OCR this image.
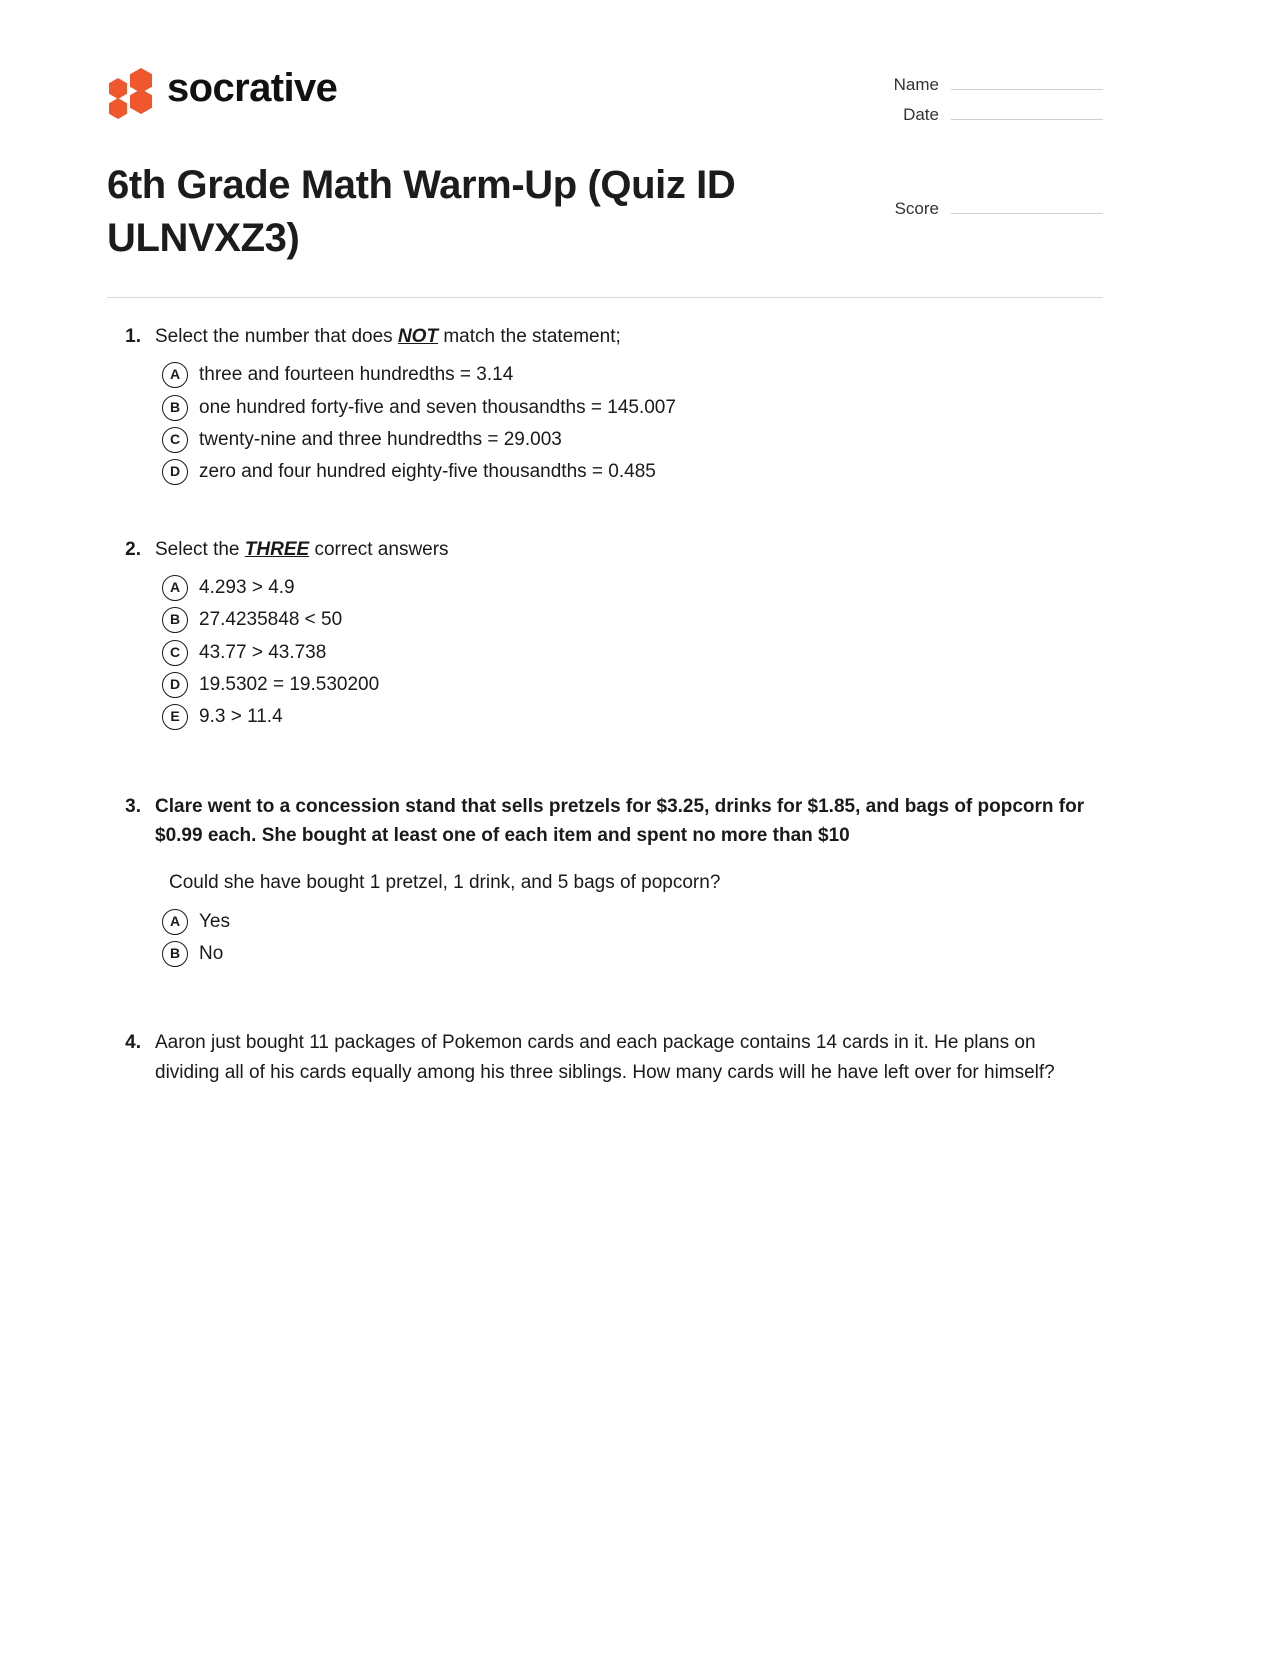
socrative
6th Grade Math Warm-Up (Quiz ID ULNVXZ3)
Name
Date
Score
1. Select the number that does NOT match the statement;
A three and fourteen hundredths = 3.14
B one hundred forty-five and seven thousandths = 145.007
C twenty-nine and three hundredths = 29.003
D zero and four hundred eighty-five thousandths = 0.485
2. Select the THREE correct answers
A 4.293 > 4.9
B 27.4235848 < 50
C 43.77 > 43.738
D 19.5302 = 19.530200
E	9.3 > 11.4
3. Clare went to a concession stand that sells pretzels for $3.25, drinks for $1.85, and bags of popcorn for $0.99 each. She bought at least one of each item and spent no more than $10
Could she have bought 1 pretzel, 1 drink, and 5 bags of popcorn?
A Yes
B No
4. Aaron just bought 11 packages of Pokemon cards and each package contains 14 cards in it. He plans on dividing all of his cards equally among his three siblings. How many cards will he have left over for himself?
